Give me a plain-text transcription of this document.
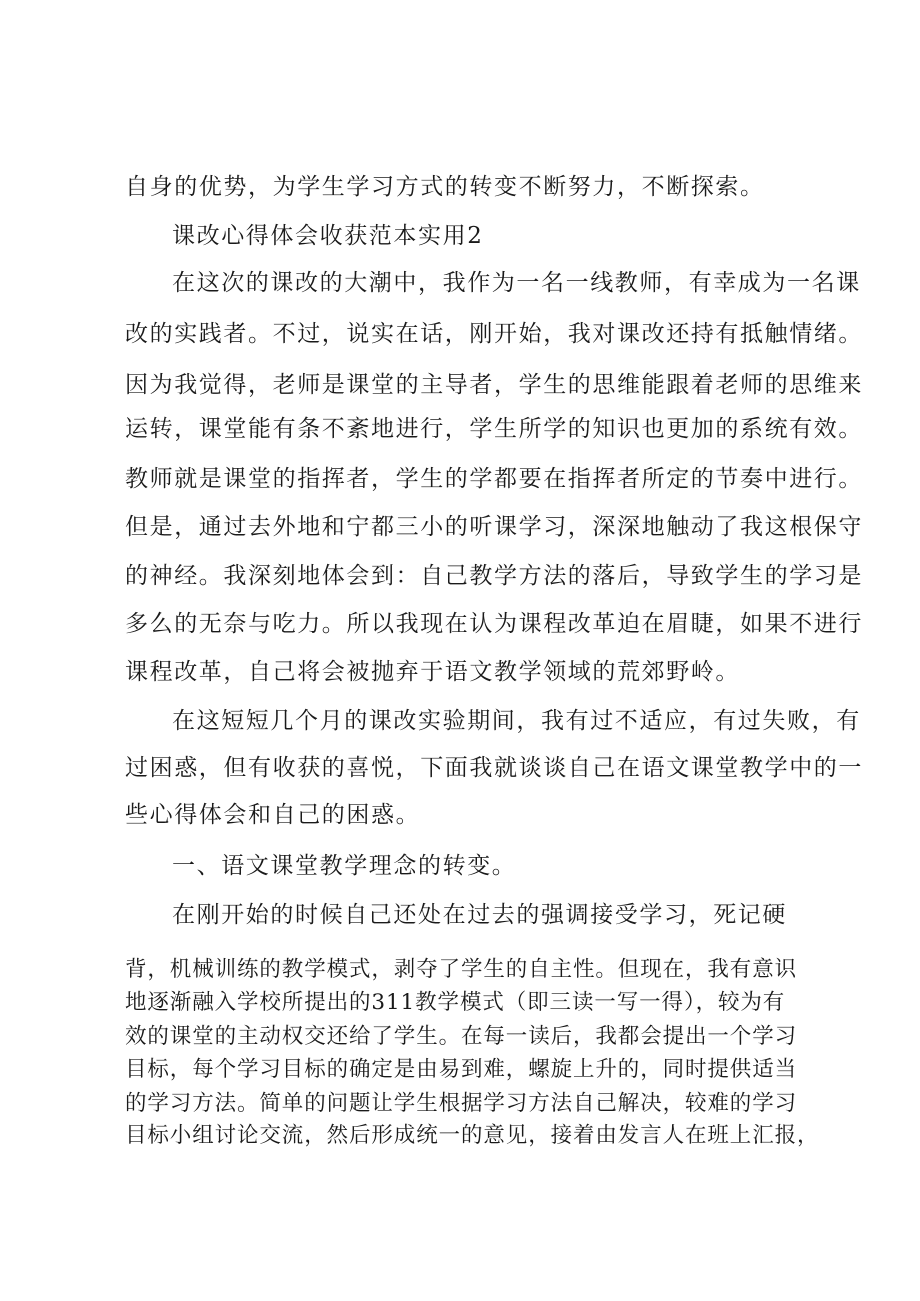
自身的优势，为学生学习方式的转变不断努力，不断探索。
课改心得体会收获范本实用2
在这次的课改的大潮中，我作为一名一线教师，有幸成为一名课
改的实践者。不过，说实在话，刚开始，我对课改还持有抵触情绪。
因为我觉得，老师是课堂的主导者，学生的思维能跟着老师的思维来
运转，课堂能有条不紊地进行，学生所学的知识也更加的系统有效。
教师就是课堂的指挥者，学生的学都要在指挥者所定的节奏中进行。
但是，通过去外地和宁都三小的听课学习，深深地触动了我这根保守
的神经。我深刻地体会到：自己教学方法的落后，导致学生的学习是
多么的无奈与吃力。所以我现在认为课程改革迫在眉睫，如果不进行
课程改革，自己将会被抛弃于语文教学领域的荒郊野岭。
在这短短几个月的课改实验期间，我有过不适应，有过失败，有
过困惑，但有收获的喜悦，下面我就谈谈自己在语文课堂教学中的一
些心得体会和自己的困惑。
一、语文课堂教学理念的转变。
在刚开始的时候自己还处在过去的强调接受学习，死记硬
背，机械训练的教学模式，剥夺了学生的自主性。但现在，我有意识
地逐渐融入学校所提出的311教学模式（即三读一写一得），较为有
效的课堂的主动权交还给了学生。在每一读后，我都会提出一个学习
目标，每个学习目标的确定是由易到难，螺旋上升的，同时提供适当
的学习方法。简单的问题让学生根据学习方法自己解决，较难的学习
目标小组讨论交流，然后形成统一的意见，接着由发言人在班上汇报，
